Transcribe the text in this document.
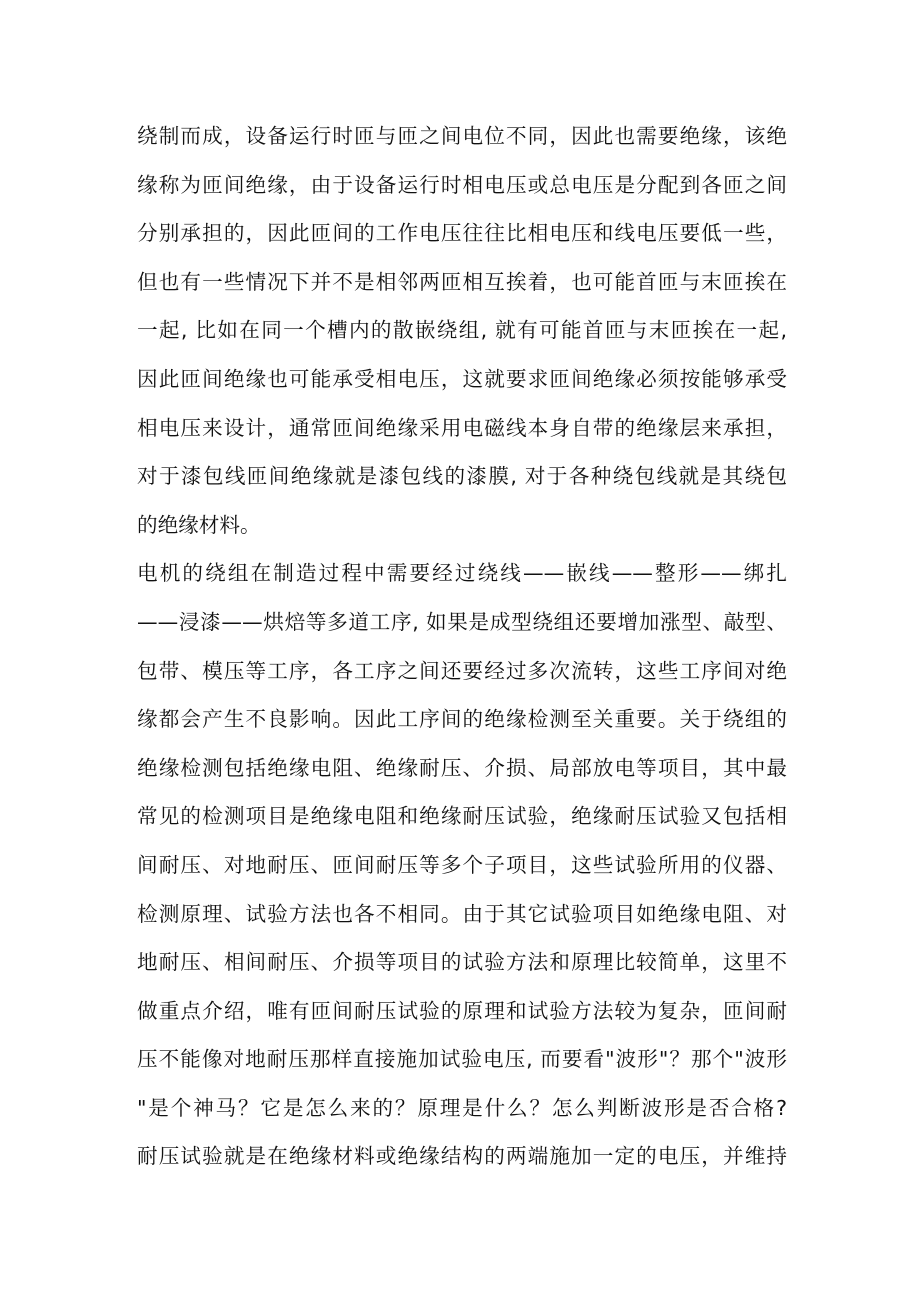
绕制而成，设备运行时匝与匝之间电位不同，因此也需要绝缘，该绝
缘称为匝间绝缘，由于设备运行时相电压或总电压是分配到各匝之间
分别承担的，因此匝间的工作电压往往比相电压和线电压要低一些，
但也有一些情况下并不是相邻两匝相互挨着，也可能首匝与末匝挨在
一起, 比如在同一个槽内的散嵌绕组, 就有可能首匝与末匝挨在一起,
因此匝间绝缘也可能承受相电压，这就要求匝间绝缘必须按能够承受
相电压来设计，通常匝间绝缘采用电磁线本身自带的绝缘层来承担，
对于漆包线匝间绝缘就是漆包线的漆膜, 对于各种绕包线就是其绕包
的绝缘材料。
电机的绕组在制造过程中需要经过绕线——嵌线——整形——绑扎
——浸漆——烘焙等多道工序, 如果是成型绕组还要增加涨型、敲型、
包带、模压等工序，各工序之间还要经过多次流转，这些工序间对绝
缘都会产生不良影响。因此工序间的绝缘检测至关重要。关于绕组的
绝缘检测包括绝缘电阻、绝缘耐压、介损、局部放电等项目，其中最
常见的检测项目是绝缘电阻和绝缘耐压试验，绝缘耐压试验又包括相
间耐压、对地耐压、匝间耐压等多个子项目，这些试验所用的仪器、
检测原理、试验方法也各不相同。由于其它试验项目如绝缘电阻、对
地耐压、相间耐压、介损等项目的试验方法和原理比较简单，这里不
做重点介绍，唯有匝间耐压试验的原理和试验方法较为复杂，匝间耐
压不能像对地耐压那样直接施加试验电压, 而要看"波形"？那个"波形
"是个神马？它是怎么来的？原理是什么？怎么判断波形是否合格?
耐压试验就是在绝缘材料或绝缘结构的两端施加一定的电压，并维持
